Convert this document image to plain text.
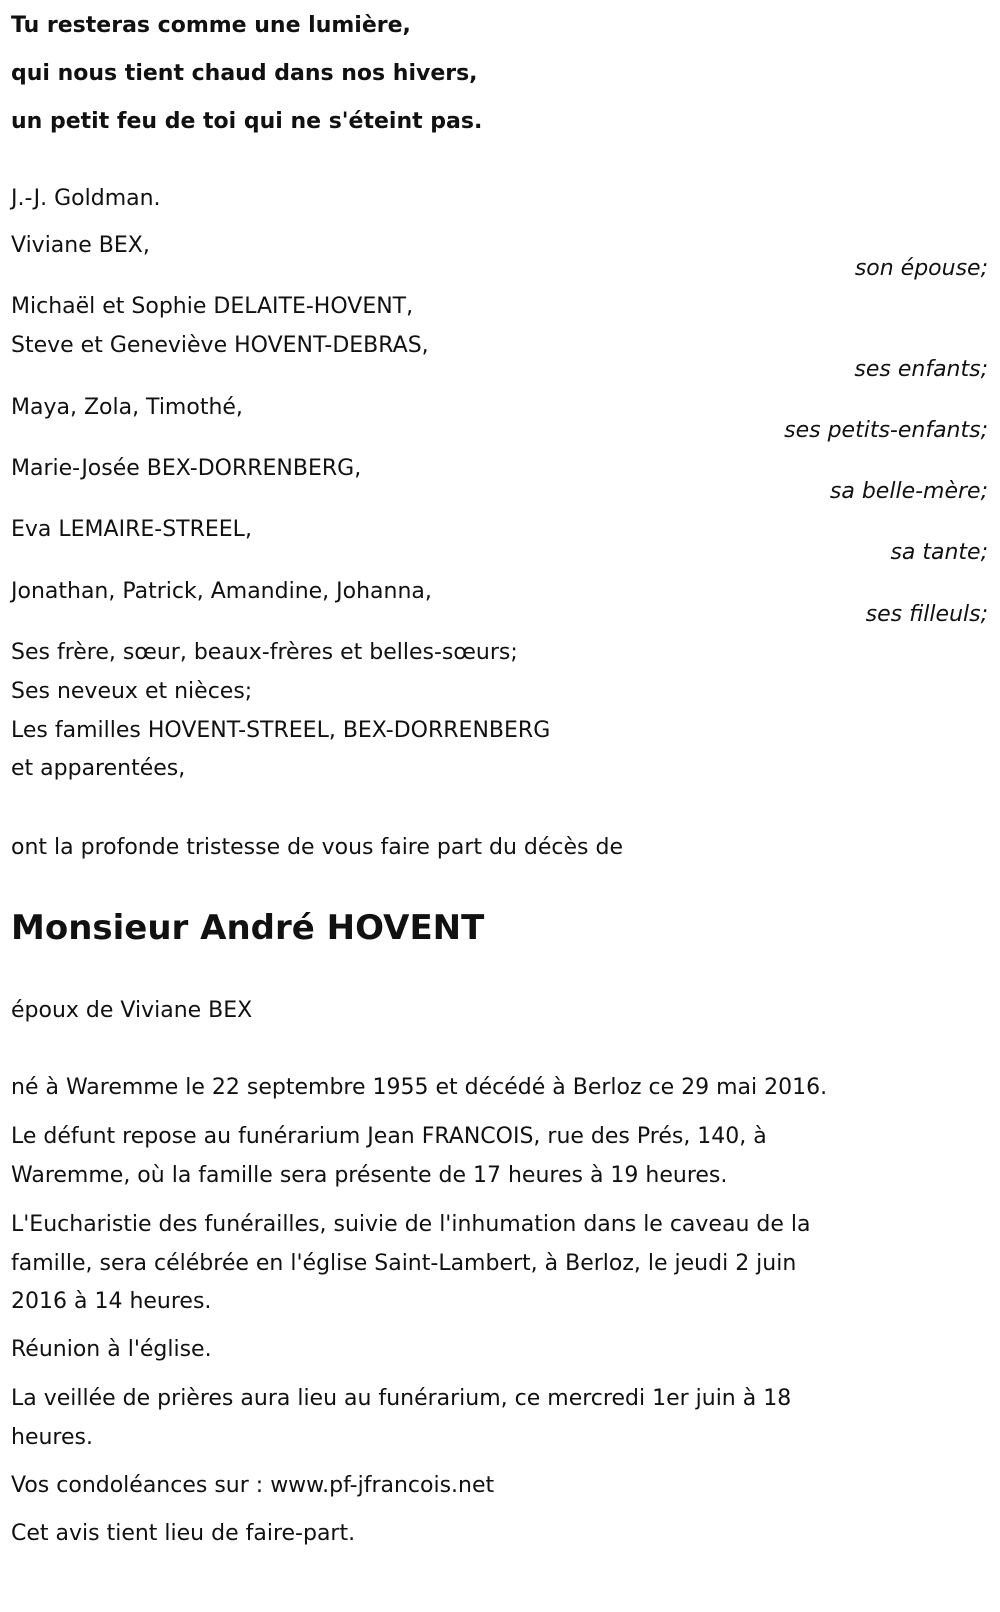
Tu resteras comme une lumière,
qui nous tient chaud dans nos hivers,
un petit feu de toi qui ne s'éteint pas.
J.-J. Goldman.
Viviane BEX,
son épouse;
Michaël et Sophie DELAITE-HOVENT,
Steve et Geneviève HOVENT-DEBRAS,
ses enfants;
Maya, Zola, Timothé,
ses petits-enfants;
Marie-Josée BEX-DORRENBERG,
sa belle-mère;
Eva LEMAIRE-STREEL,
sa tante;
Jonathan, Patrick, Amandine, Johanna,
ses filleuls;
Ses frère, sœur, beaux-frères et belles-sœurs;
Ses neveux et nièces;
Les familles HOVENT-STREEL, BEX-DORRENBERG
et apparentées,
ont la profonde tristesse de vous faire part du décès de
Monsieur André HOVENT
époux de Viviane BEX
né à Waremme le 22 septembre 1955 et décédé à Berloz ce 29 mai 2016.
Le défunt repose au funérarium Jean FRANCOIS, rue des Prés, 140, à
Waremme, où la famille sera présente de 17 heures à 19 heures.
L'Eucharistie des funérailles, suivie de l'inhumation dans le caveau de la
famille, sera célébrée en l'église Saint-Lambert, à Berloz, le jeudi 2 juin
2016 à 14 heures.
Réunion à l'église.
La veillée de prières aura lieu au funérarium, ce mercredi 1er juin à 18
heures.
Vos condoléances sur : www.pf-jfrancois.net
Cet avis tient lieu de faire-part.
